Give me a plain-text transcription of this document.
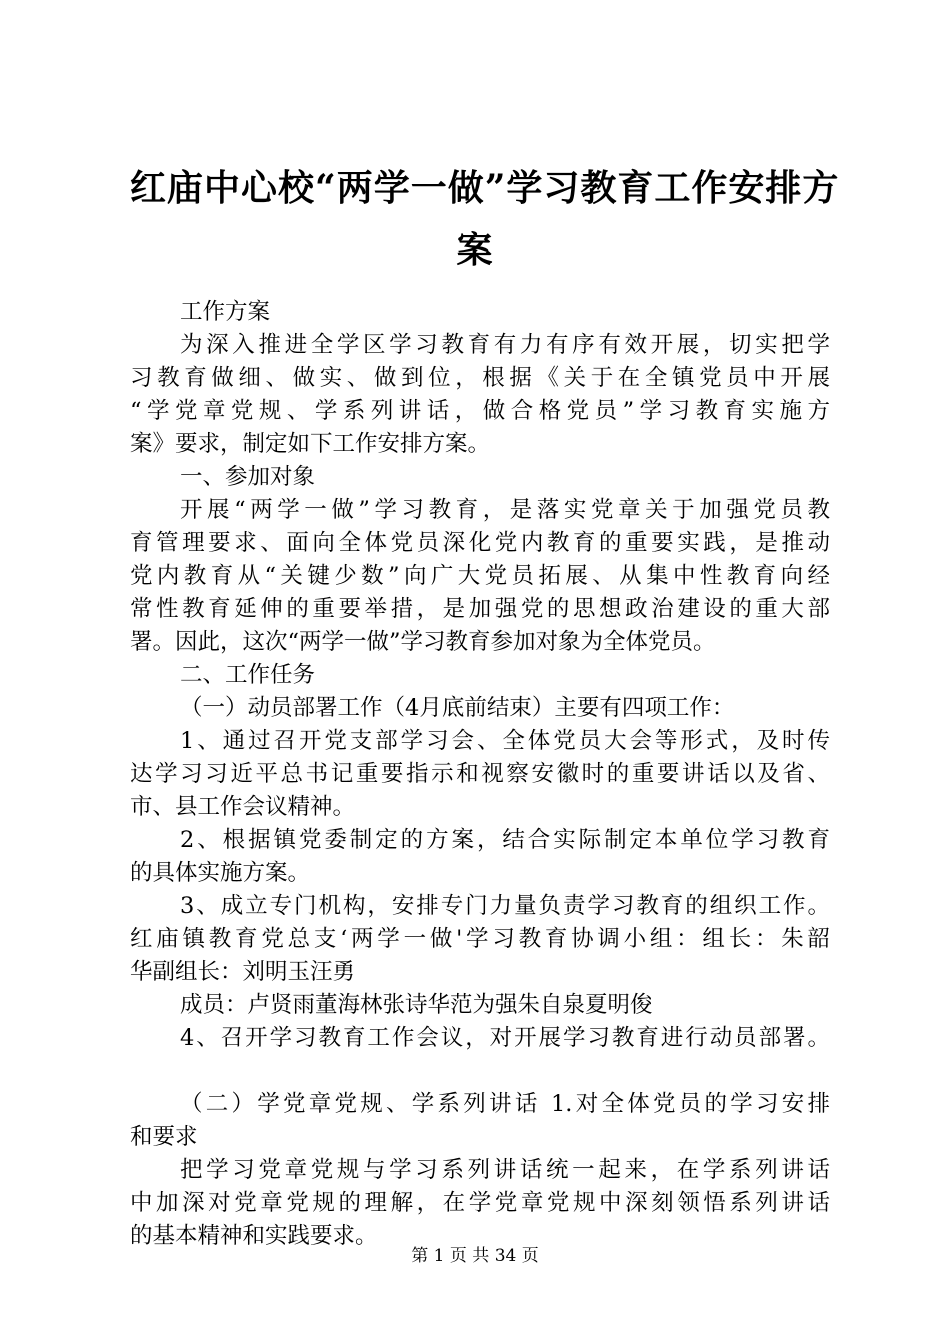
红庙中心校“两学一做”学习教育工作安排方
案
工作方案
为深入推进全学区学习教育有力有序有效开展，切实把学
习教育做细、做实、做到位，根据《关于在全镇党员中开展
“学党章党规、学系列讲话，做合格党员”学习教育实施方
案》要求，制定如下工作安排方案。
一、参加对象
开展“两学一做”学习教育，是落实党章关于加强党员教
育管理要求、面向全体党员深化党内教育的重要实践，是推动
党内教育从“关键少数”向广大党员拓展、从集中性教育向经
常性教育延伸的重要举措，是加强党的思想政治建设的重大部
署。因此，这次“两学一做”学习教育参加对象为全体党员。
二、工作任务
（一）动员部署工作（4月底前结束）主要有四项工作：
1、通过召开党支部学习会、全体党员大会等形式，及时传
达学习习近平总书记重要指示和视察安徽时的重要讲话以及省、
市、县工作会议精神。
2、根据镇党委制定的方案，结合实际制定本单位学习教育
的具体实施方案。
3、成立专门机构，安排专门力量负责学习教育的组织工作。
红庙镇教育党总支‘两学一做'学习教育协调小组：组长：朱韶
华副组长：刘明玉汪勇
成员：卢贤雨董海林张诗华范为强朱自泉夏明俊
4、召开学习教育工作会议，对开展学习教育进行动员部署。
（二）学党章党规、学系列讲话 1.对全体党员的学习安排
和要求
把学习党章党规与学习系列讲话统一起来，在学系列讲话
中加深对党章党规的理解，在学党章党规中深刻领悟系列讲话
的基本精神和实践要求。
第 1 页 共 34 页
